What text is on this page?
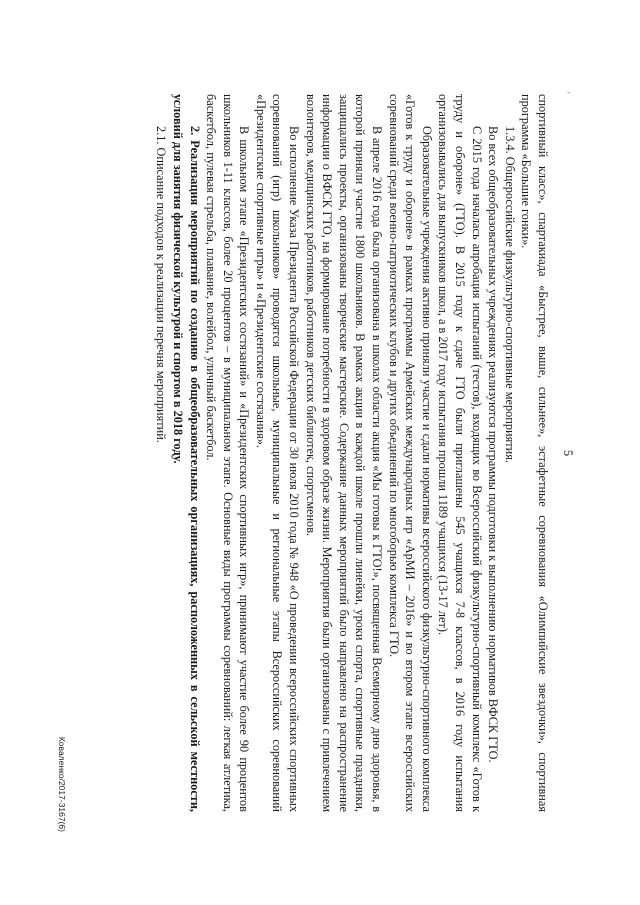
'
5

спортивный класс», спартакиада «Быстрее, выше, сильнее», эстафетные соревнования «Олимпийские звездочки», спортивная программа «Большие гонки».

1.3.4. Общероссийские физкультурно-спортивные мероприятия.

Во всех общеобразовательных учреждениях реализуются программы подготовки к выполнению нормативов ВФСК ГТО.

С 2015 года началась апробация испытаний (тестов), входящих во Всероссийский физкультурно-спортивный комплекс «Готов к труду и обороне» (ГТО). В 2015 году к сдаче ГТО были приглашены 545 учащихся 7-8 классов, в 2016 году испытания организовывались для выпускников школ, а в 2017 году испытания прошли 1189 учащихся (13-17 лет).

Образовательные учреждения активно приняли участие и сдали нормативы всероссийского физкультурно-спортивного комплекса «Готов к труду и обороне» в рамках программы Армейских международных игр «АрМИ – 2016» и во втором этапе всероссийских соревнований среди военно-патриотических клубов и других объединений по многоборью комплекса ГТО.

В апреле 2016 года была организована в школах области акция «Мы готовы к ГТО!», посвященная Всемирному дню здоровья, в которой приняли участие 1800 школьников. В рамках акции в каждой школе прошли линейки, уроки спорта, спортивные праздники, защищались проекты, организованы творческие мастерские. Содержание данных мероприятий было направлено на распространение информации о ВФСК ГТО, на формирование потребности в здоровом образе жизни. Мероприятия были организованы с привлечением волонтеров, медицинских работников, работников детских библиотек, спортсменов.

Во исполнение Указа Президента Российской Федерации от 30 июля 2010 года № 948 «О проведении всероссийских спортивных соревнований (игр) школьников» проводятся школьные, муниципальные и региональные этапы Всероссийских соревнований «Президентские спортивные игры» и «Президентские состязания».

В школьном этапе «Президентских состязаний» и «Президентских спортивных игр», принимают участие более 90 процентов школьников 1-11 классов, более 20 процентов – в муниципальном этапе. Основные виды программы соревнований: легкая атлетика, баскетбол, пулевая стрельба, плавание, волейбол, уличный баскетбол.

2. Реализация мероприятий по созданию в общеобразовательных организациях, расположенных в сельской местности, условий для занятия физической культурой и спортом в 2018 году.

2.1. Описание подходов к реализации перечня мероприятий.

Коваленко/2017-3167(6)
